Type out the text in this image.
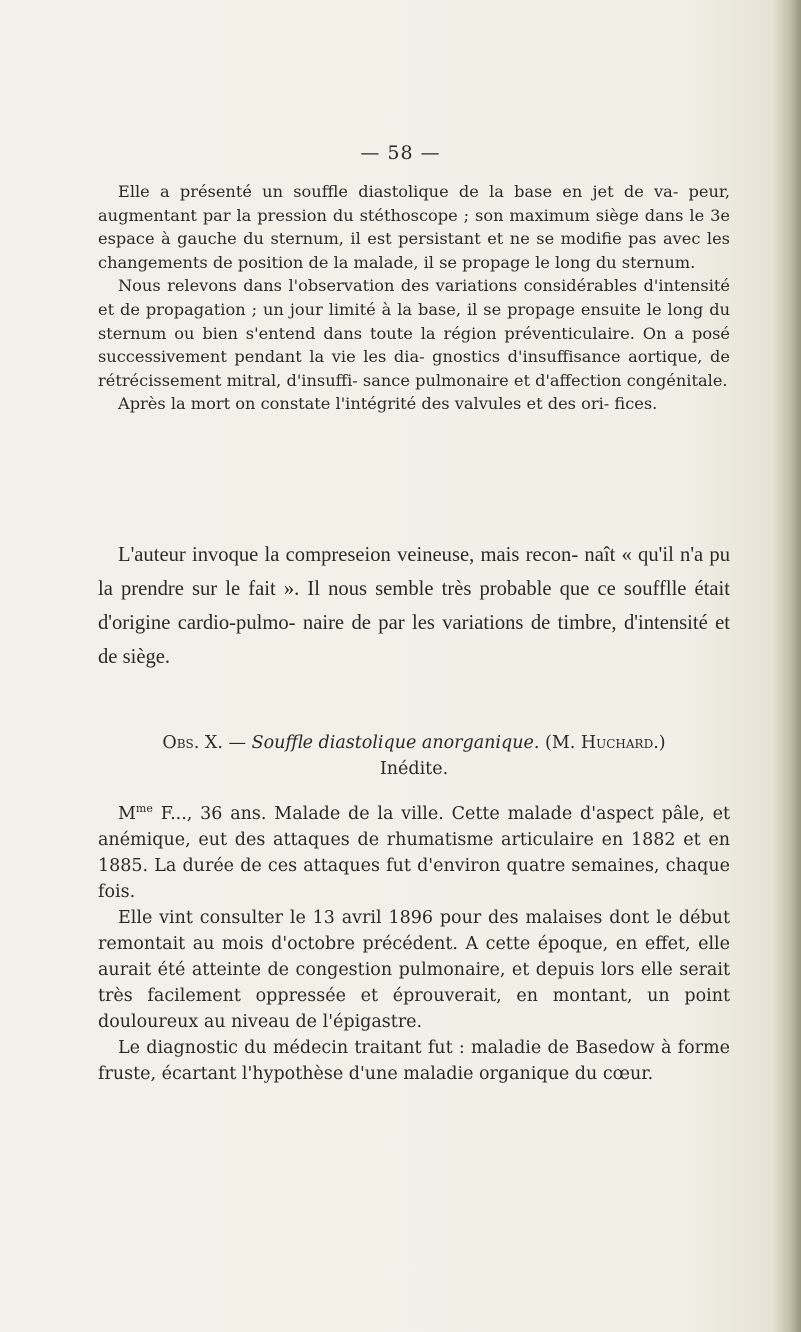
— 58 —

Elle a présenté un souffle diastolique de la base en jet de va- peur, augmentant par la pression du stéthoscope ; son maximum siège dans le 3e espace à gauche du sternum, il est persistant et ne se modifie pas avec les changements de position de la malade, il se propage le long du sternum.

Nous relevons dans l'observation des variations considérables d'intensité et de propagation ; un jour limité à la base, il se propage ensuite le long du sternum ou bien s'entend dans toute la région préventiculaire. On a posé successivement pendant la vie les dia- gnostics d'insuffisance aortique, de rétrécissement mitral, d'insuffi- sance pulmonaire et d'affection congénitale.

Après la mort on constate l'intégrité des valvules et des ori- fices.

L'auteur invoque la compreseion veineuse, mais recon- naît « qu'il n'a pu la prendre sur le fait ». Il nous semble très probable que ce soufflle était d'origine cardio-pulmo- naire de par les variations de timbre, d'intensité et de siège.

Obs. X. — Souffle diastolique anorganique. (M. Huchard.)

Inédite.

$M^{me}$ F..., 36 ans. Malade de la ville. Cette malade d'aspect pâle, et anémique, eut des attaques de rhumatisme articulaire en 1882 et en 1885. La durée de ces attaques fut d'environ quatre semaines, chaque fois.

Elle vint consulter le 13 avril 1896 pour des malaises dont le début remontait au mois d'octobre précédent. A cette époque, en effet, elle aurait été atteinte de congestion pulmonaire, et depuis lors elle serait très facilement oppressée et éprouverait, en montant, un point douloureux au niveau de l'épigastre.

Le diagnostic du médecin traitant fut : maladie de Basedow à forme fruste, écartant l'hypothèse d'une maladie organique du cœur.
